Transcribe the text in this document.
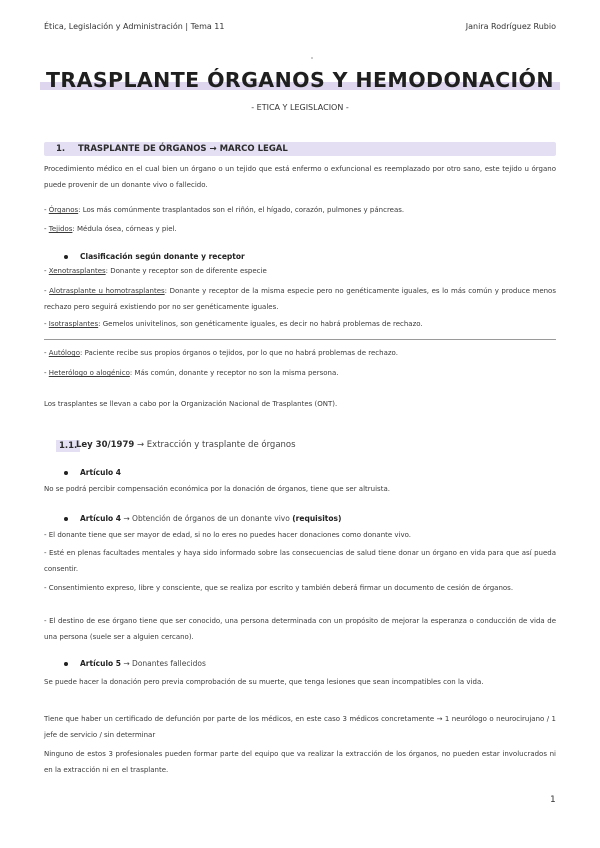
Ética, Legislación y Administración | Tema 11	Janira Rodríguez Rubio
TRASPLANTE ÓRGANOS Y HEMODONACIÓN
- ETICA Y LEGISLACION -
1. TRASPLANTE DE ÓRGANOS → MARCO LEGAL
Procedimiento médico en el cual bien un órgano o un tejido que está enfermo o exfuncional es reemplazado por otro sano, este tejido u órgano puede provenir de un donante vivo o fallecido.
- Órganos: Los más comúnmente trasplantados son el riñón, el hígado, corazón, pulmones y páncreas.
- Tejidos: Médula ósea, córneas y piel.
Clasificación según donante y receptor
- Xenotrasplantes: Donante y receptor son de diferente especie
- Alotrasplante u homotrasplantes: Donante y receptor de la misma especie pero no genéticamente iguales, es lo más común y produce menos rechazo pero seguirá existiendo por no ser genéticamente iguales.
- Isotrasplantes: Gemelos univitelinos, son genéticamente iguales, es decir no habrá problemas de rechazo.
- Autólogo: Paciente recibe sus propios órganos o tejidos, por lo que no habrá problemas de rechazo.
- Heterólogo o alogénico: Más común, donante y receptor no son la misma persona.
Los trasplantes se llevan a cabo por la Organización Nacional de Trasplantes (ONT).
1.1.
Ley 30/1979 → Extracción y trasplante de órganos
Artículo 4
No se podrá percibir compensación económica por la donación de órganos, tiene que ser altruista.
Artículo 4 → Obtención de órganos de un donante vivo (requisitos)
- El donante tiene que ser mayor de edad, si no lo eres no puedes hacer donaciones como donante vivo.
- Esté en plenas facultades mentales y haya sido informado sobre las consecuencias de salud tiene donar un órgano en vida para que así pueda consentir.
- Consentimiento expreso, libre y consciente, que se realiza por escrito y también deberá firmar un documento de cesión de órganos.
- El destino de ese órgano tiene que ser conocido, una persona determinada con un propósito de mejorar la esperanza o conducción de vida de una persona (suele ser a alguien cercano).
Artículo 5 → Donantes fallecidos
Se puede hacer la donación pero previa comprobación de su muerte, que tenga lesiones que sean incompatibles con la vida.
Tiene que haber un certificado de defunción por parte de los médicos, en este caso 3 médicos concretamente → 1 neurólogo o neurocirujano / 1 jefe de servicio / sin determinar
Ninguno de estos 3 profesionales pueden formar parte del equipo que va realizar la extracción de los órganos, no pueden estar involucrados ni en la extracción ni en el trasplante.
1
